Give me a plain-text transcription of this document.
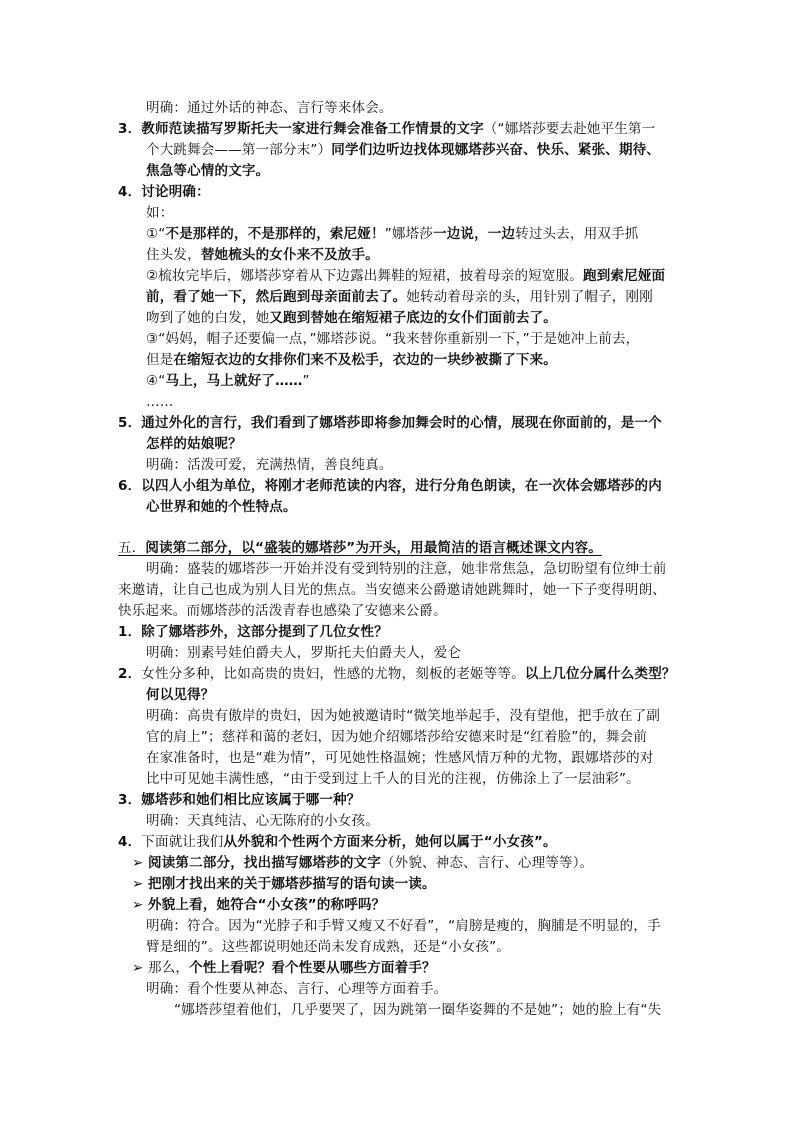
明确：通过外话的神态、言行等来体会。
3．教师范读描写罗斯托夫一家进行舞会准备工作情景的文字（“娜塔莎要去赴她平生第一
个大跳舞会——第一部分末”）同学们边听边找体现娜塔莎兴奋、快乐、紧张、期待、
焦急等心情的文字。
4．讨论明确：
如：
①“不是那样的，不是那样的，索尼娅！”娜塔莎一边说，一边转过头去，用双手抓
住头发，替她梳头的女仆来不及放手。
②梳妆完毕后，娜塔莎穿着从下边露出舞鞋的短裙，披着母亲的短宽服。跑到索尼娅面
前，看了她一下，然后跑到母亲面前去了。她转动着母亲的头，用针别了帽子，刚刚
吻到了她的白发，她又跑到替她在缩短裙子底边的女仆们面前去了。
③“妈妈，帽子还要偏一点，”娜塔莎说。“我来替你重新别一下，”于是她冲上前去，
但是在缩短衣边的女排你们来不及松手，衣边的一块纱被撕了下来。
④“马上，马上就好了……”
……
5．通过外化的言行，我们看到了娜塔莎即将参加舞会时的心情，展现在你面前的，是一个
怎样的姑娘呢？
明确：活泼可爱，充满热情，善良纯真。
6．以四人小组为单位，将刚才老师范读的内容，进行分角色朗读，在一次体会娜塔莎的内
心世界和她的个性特点。
五．阅读第二部分，以“盛装的娜塔莎”为开头，用最简洁的语言概述课文内容。
明确：盛装的娜塔莎一开始并没有受到特别的注意，她非常焦急，急切盼望有位绅士前
来邀请，让自己也成为别人目光的焦点。当安德来公爵邀请她跳舞时，她一下子变得明朗、
快乐起来。而娜塔莎的活泼青春也感染了安德来公爵。
1．除了娜塔莎外，这部分提到了几位女性？
明确：别素号娃伯爵夫人，罗斯托夫伯爵夫人，爱仑
2．女性分多种，比如高贵的贵妇，性感的尤物，刻板的老姬等等。以上几位分属什么类型？
何以见得？
明确：高贵有傲岸的贵妇，因为她被邀请时“微笑地举起手，没有望他，把手放在了副
官的肩上”；慈祥和蔼的老妇，因为她介绍娜塔莎给安德来时是“红着脸”的，舞会前
在家准备时，也是“难为情”，可见她性格温婉；性感风情万种的尤物，跟娜塔莎的对
比中可见她丰满性感，“由于受到过上千人的目光的注视，仿佛涂上了一层油彩”。
3．娜塔莎和她们相比应该属于哪一种？
明确：天真纯洁、心无陈府的小女孩。
4．下面就让我们从外貌和个性两个方面来分析，她何以属于“小女孩”。
➢ 阅读第二部分，找出描写娜塔莎的文字（外貌、神态、言行、心理等等）。
➢ 把刚才找出来的关于娜塔莎描写的语句读一读。
➢ 外貌上看，她符合“小女孩”的称呼吗？
明确：符合。因为“光脖子和手臂又瘦又不好看”，“肩膀是瘦的，胸脯是不明显的，手
臂是细的”。这些都说明她还尚未发育成熟，还是“小女孩”。
➢ 那么，个性上看呢？看个性要从哪些方面着手？
明确：看个性要从神态、言行、心理等方面着手。
“娜塔莎望着他们，几乎要哭了，因为跳第一圈华姿舞的不是她”；她的脸上有“失
